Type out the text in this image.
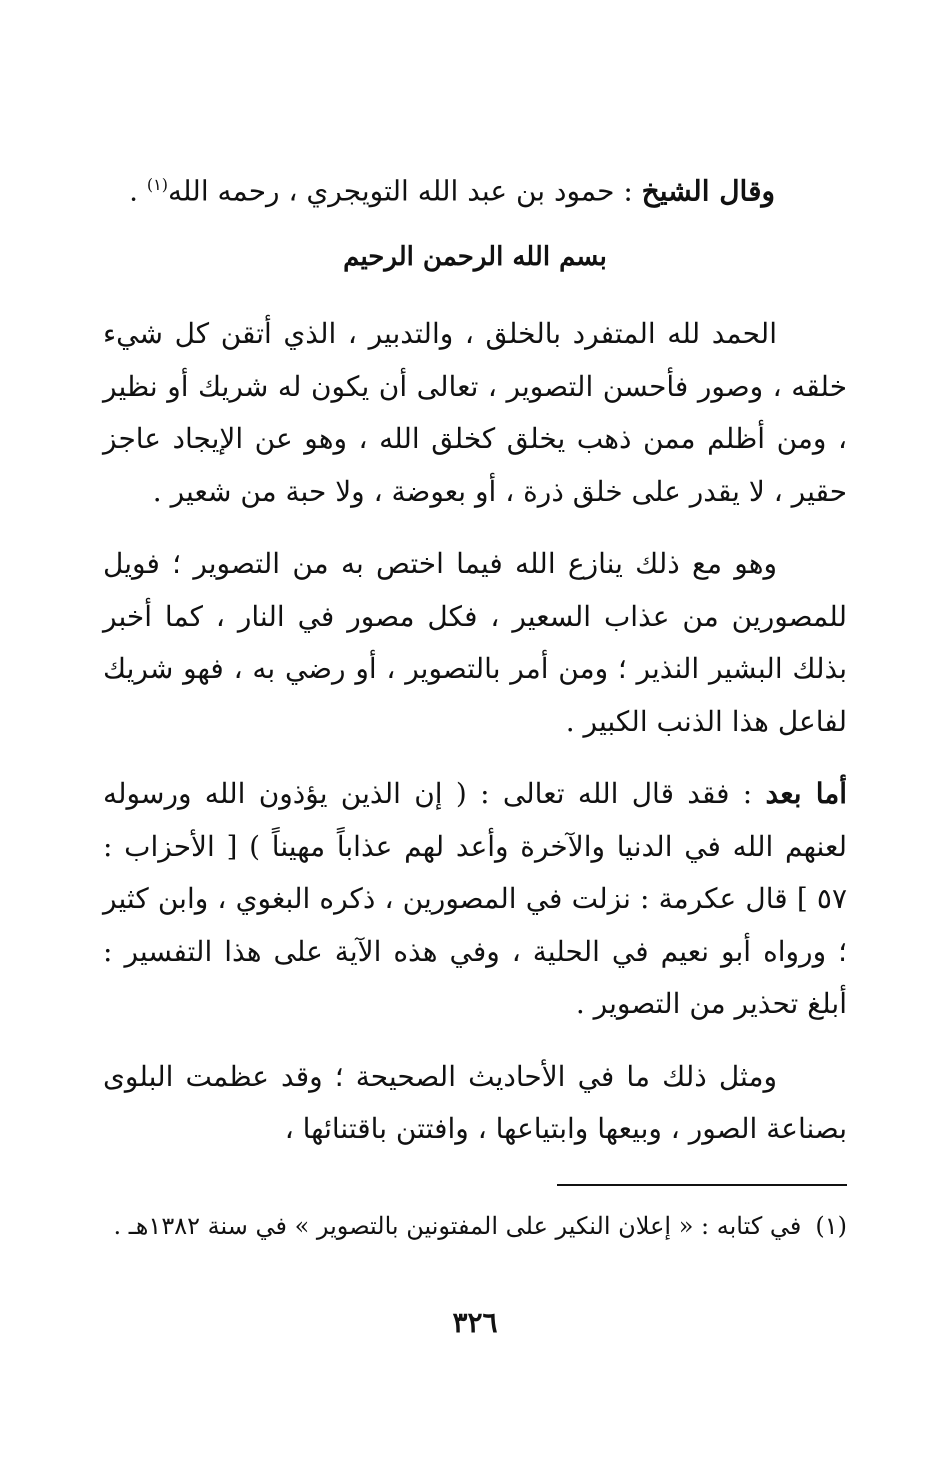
وقال الشيخ : حمود بن عبد الله التويجري ، رحمه الله$^{(١)}$ .
بسم الله الرحمن الرحيم

الحمد لله المتفرد بالخلق ، والتدبير ، الذي أتقن كل شيء خلقه ، وصور فأحسن التصوير ، تعالى أن يكون له شريك أو نظير ، ومن أظلم ممن ذهب يخلق كخلق الله ، وهو عن الإيجاد عاجز حقير ، لا يقدر على خلق ذرة ، أو بعوضة ، ولا حبة من شعير .

وهو مع ذلك ينازع الله فيما اختص به من التصوير ؛ فويل للمصورين من عذاب السعير ، فكل مصور في النار ، كما أخبر بذلك البشير النذير ؛ ومن أمر بالتصوير ، أو رضي به ، فهو شريك لفاعل هذا الذنب الكبير .

أما بعد : فقد قال الله تعالى : ( إن الذين يؤذون الله ورسوله لعنهم الله في الدنيا والآخرة وأعد لهم عذاباً مهيناً ) [ الأحزاب : ٥٧ ] قال عكرمة : نزلت في المصورين ، ذكره البغوي ، وابن كثير ؛ ورواه أبو نعيم في الحلية ، وفي هذه الآية على هذا التفسير : أبلغ تحذير من التصوير .

ومثل ذلك ما في الأحاديث الصحيحة ؛ وقد عظمت البلوى بصناعة الصور ، وبيعها وابتياعها ، وافتتن باقتنائها ،

(١)في كتابه : « إعلان النكير على المفتونين بالتصوير » في سنة ١٣٨٢هـ .
٣٢٦
